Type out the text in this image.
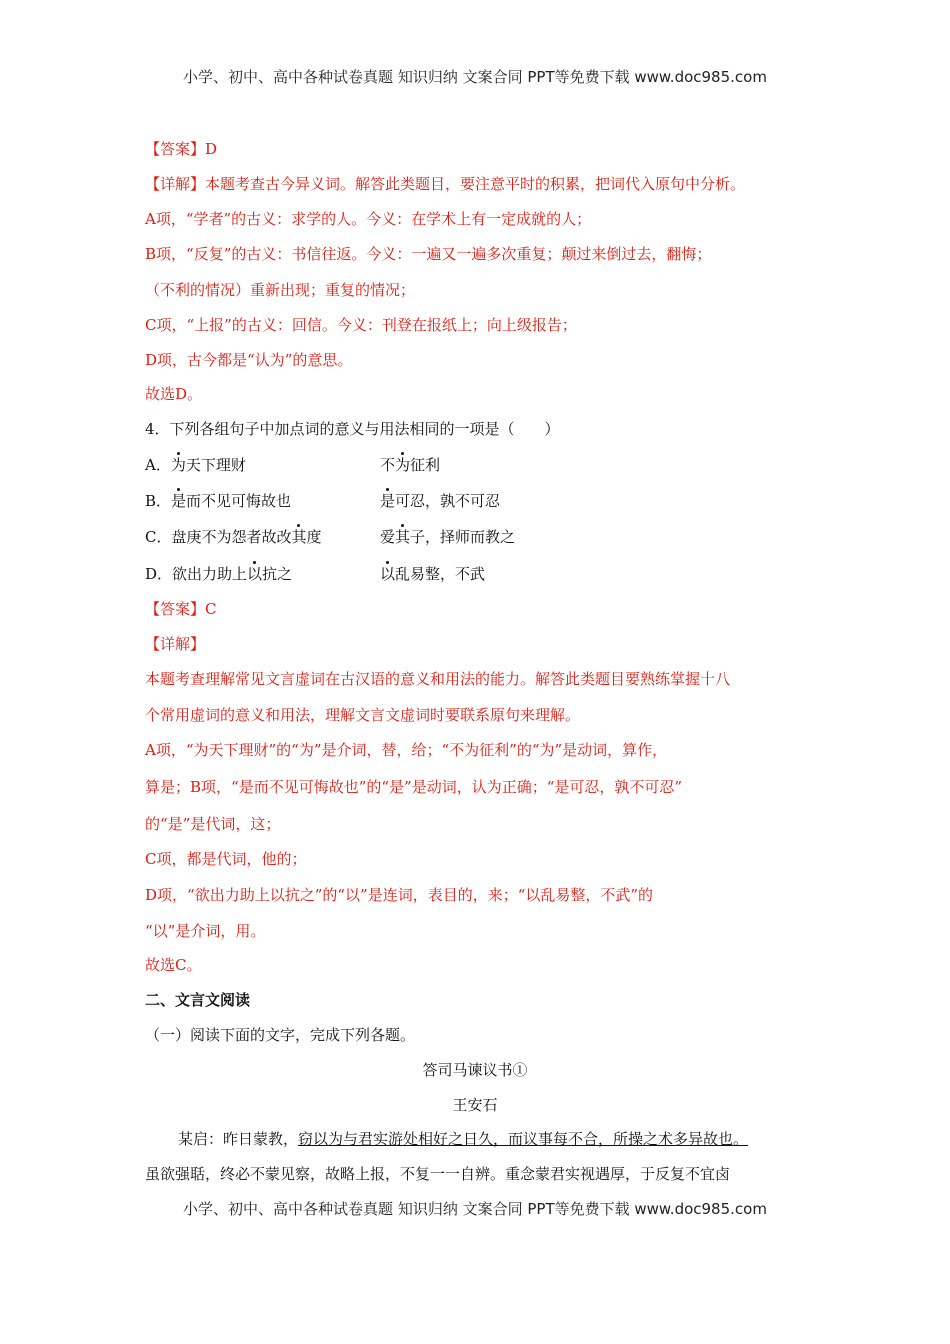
小学、初中、高中各种试卷真题 知识归纳 文案合同 PPT等免费下载 www.doc985.com
【答案】D
【详解】本题考查古今异义词。解答此类题目，要注意平时的积累，把词代入原句中分析。
A项，“学者”的古义：求学的人。今义：在学术上有一定成就的人；
B项，“反复”的古义：书信往返。今义：一遍又一遍多次重复；颠过来倒过去，翻悔；
（不利的情况）重新出现；重复的情况；
C项，“上报”的古义：回信。今义：刊登在报纸上；向上级报告；
D项，古今都是“认为”的意思。
故选D。
4．下列各组句子中加点词的意义与用法相同的一项是（　　）
A．为天下理财	不为征利
B．是而不见可悔故也	是可忍，孰不可忍
C．盘庚不为怨者故改其度	爱其子，择师而教之
D．欲出力助上以抗之	以乱易整，不武
【答案】C
【详解】
本题考查理解常见文言虚词在古汉语的意义和用法的能力。解答此类题目要熟练掌握十八
个常用虚词的意义和用法，理解文言文虚词时要联系原句来理解。
A项，“为天下理财”的“为”是介词，替，给；“不为征利”的“为”是动词，算作，
算是；B项，“是而不见可悔故也”的“是”是动词，认为正确；“是可忍，孰不可忍”
的“是”是代词，这；
C项，都是代词，他的；
D项，“欲出力助上以抗之”的“以”是连词，表目的，来；“以乱易整，不武”的
“以”是介词，用。
故选C。
二、文言文阅读
（一）阅读下面的文字，完成下列各题。
答司马谏议书①
王安石
某启：昨日蒙教，窃以为与君实游处相好之日久，而议事每不合，所操之术多异故也。
虽欲强聒，终必不蒙见察，故略上报，不复一一自辨。重念蒙君实视遇厚，于反复不宜卤
小学、初中、高中各种试卷真题 知识归纳 文案合同 PPT等免费下载 www.doc985.com
